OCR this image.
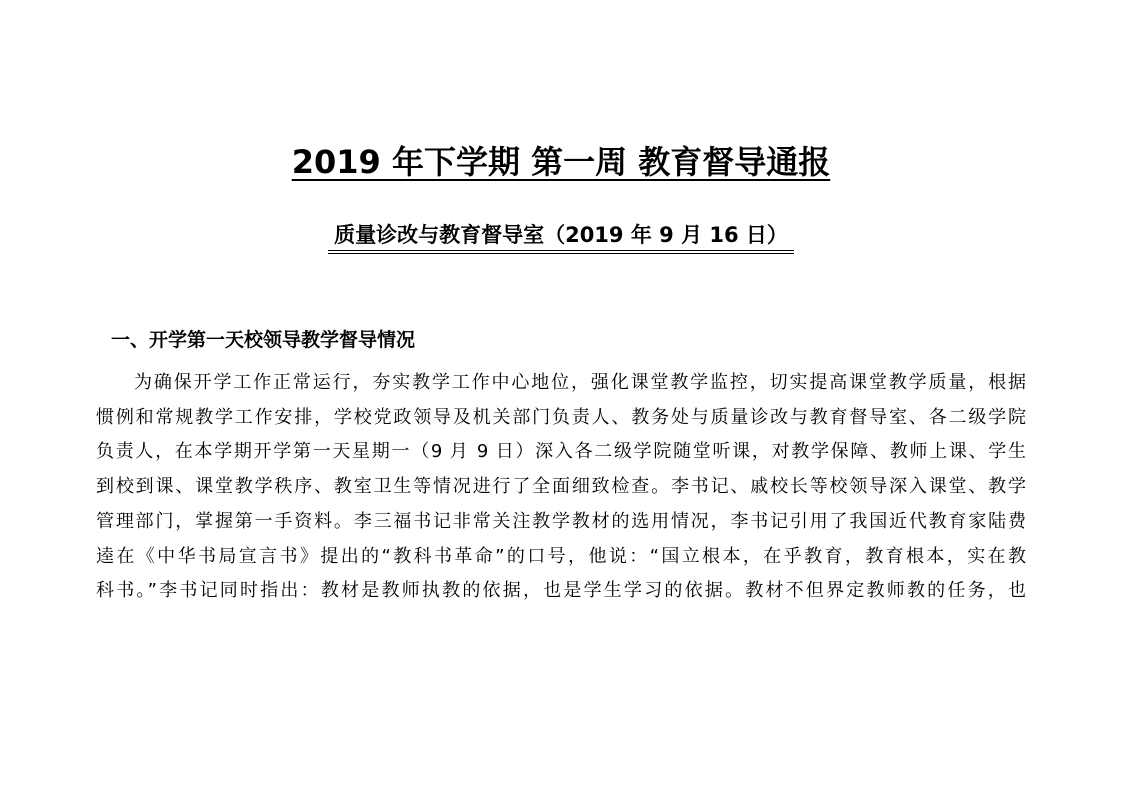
2019 年下学期 第一周 教育督导通报
质量诊改与教育督导室（2019 年 9 月 16 日）
一、开学第一天校领导教学督导情况
为确保开学工作正常运行，夯实教学工作中心地位，强化课堂教学监控，切实提高课堂教学质量，根据
惯例和常规教学工作安排，学校党政领导及机关部门负责人、教务处与质量诊改与教育督导室、各二级学院
负责人，在本学期开学第一天星期一（9 月 9 日）深入各二级学院随堂听课，对教学保障、教师上课、学生
到校到课、课堂教学秩序、教室卫生等情况进行了全面细致检查。李书记、戚校长等校领导深入课堂、教学
管理部门，掌握第一手资料。李三福书记非常关注教学教材的选用情况，李书记引用了我国近代教育家陆费
逵在《中华书局宣言书》提出的“教科书革命”的口号，他说：“国立根本，在乎教育，教育根本，实在教
科书。”李书记同时指出：教材是教师执教的依据，也是学生学习的依据。教材不但界定教师教的任务，也
